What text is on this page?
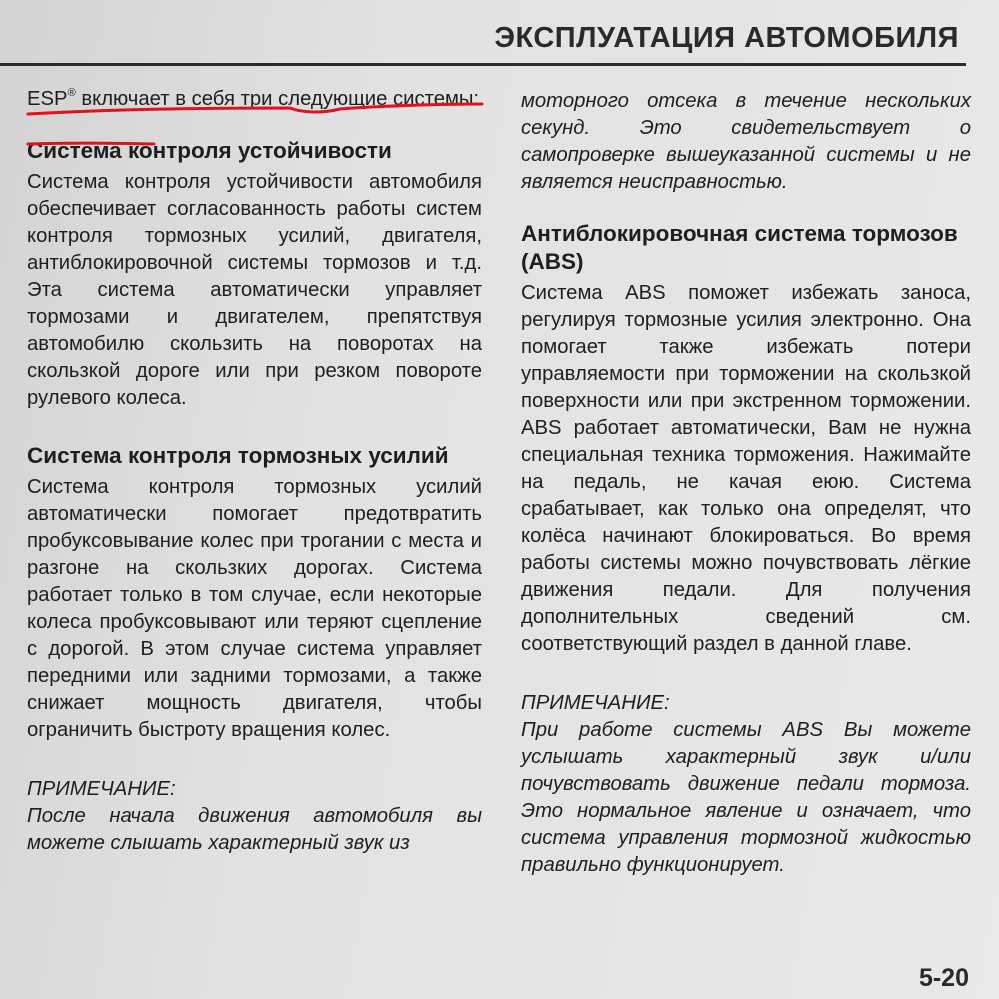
ЭКСПЛУАТАЦИЯ АВТОМОБИЛЯ

ESP® включает в себя три следующие системы:

Система контроля устойчивости

Система контроля устойчивости автомобиля обеспечивает согласованность работы систем контроля тормозных усилий, двигателя, антиблокировочной системы тормозов и т.д. Эта система автоматически управляет тормозами и двигателем, препятствуя автомобилю скользить на поворотах на скользкой дороге или при резком повороте рулевого колеса.

Система контроля тормозных усилий

Система контроля тормозных усилий автоматически помогает предотвратить пробуксовывание колес при трогании с места и разгоне на скользких дорогах. Система работает только в том случае, если некоторые колеса пробуксовывают или теряют сцепление с дорогой. В этом случае система управляет передними или задними тормозами, а также снижает мощность двигателя, чтобы ограничить быстроту вращения колес.

ПРИМЕЧАНИЕ:

После начала движения автомобиля вы можете слышать характерный звук из

моторного отсека в течение нескольких секунд. Это свидетельствует о самопроверке вышеуказанной системы и не является неисправностью.

Антиблокировочная система тормозов (ABS)

Система ABS поможет избежать заноса, регулируя тормозные усилия электронно. Она помогает также избежать потери управляемости при торможении на скользкой поверхности или при экстренном торможении. ABS работает автоматически, Вам не нужна специальная техника торможения. Нажимайте на педаль, не качая еюю. Система срабатывает, как только она определят, что колёса начинают блокироваться. Во время работы системы можно почувствовать лёгкие движения педали. Для получения дополнительных сведений см. соответствующий раздел в данной главе.

ПРИМЕЧАНИЕ:

При работе системы ABS Вы можете услышать характерный звук и/или почувствовать движение педали тормоза. Это нормальное явление и означает, что система управления тормозной жидкостью правильно функционирует.

5-20
